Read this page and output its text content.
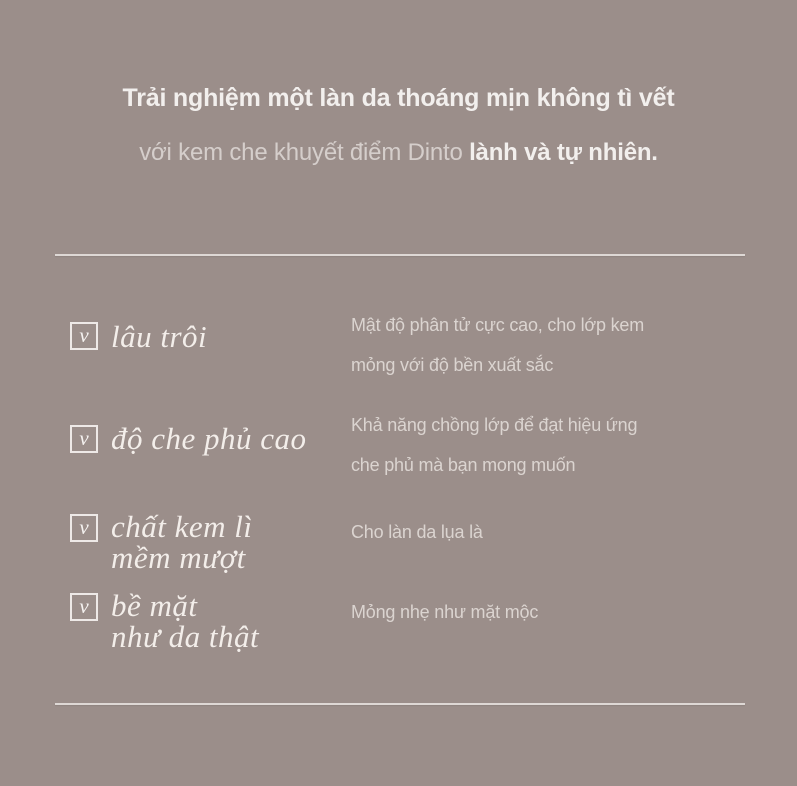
Trải nghiệm một làn da thoáng mịn không tì vết
với kem che khuyết điểm Dinto lành và tự nhiên.
ν lâu trôi	Mật độ phân tử cực cao, cho lớp kem
mỏng với độ bền xuất sắc
ν độ che phủ cao	Khả năng chồng lớp để đạt hiệu ứng
che phủ mà bạn mong muốn
ν chất kem lì
mềm mượt
Cho làn da lụa là
ν bề mặt
như da thật
Mỏng nhẹ như mặt mộc
